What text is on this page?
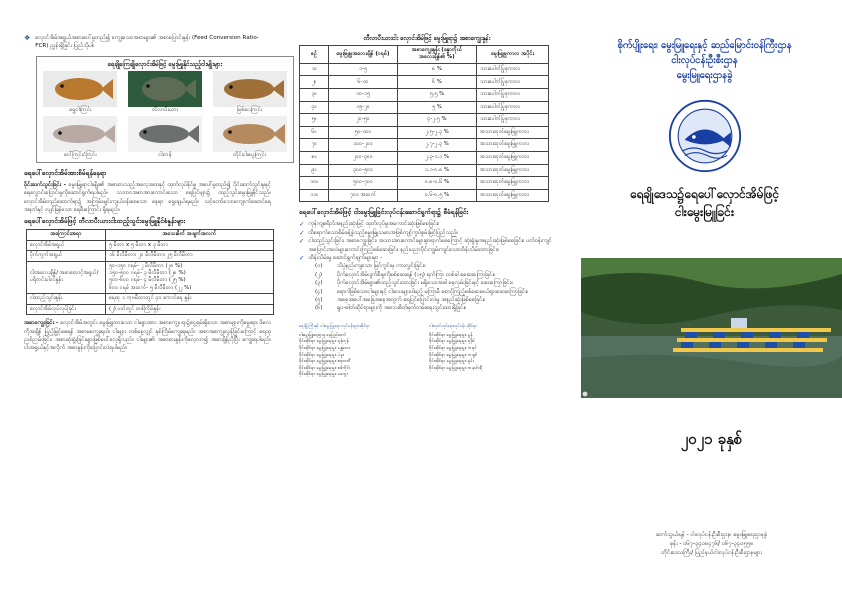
❖ လှောင်အိမ်အရွယ်အစားပေါ်မူတည်၍ ကျွေးသောအစာများ၏ အစာပြောင်းနှုန်း (Feed Conversion Ratio-FCR) ညွှန်းရှိခြင်း ပြည်သိုပါ။
ရေချိုကြေချိုလှောင်အိမ်ဖြင့် မွေးမြူနိုင်သည့်ငါးမျိုးများ
ရွှေငါးကြင်း	တီလာပီးယား	မြစ်ငေးကြင်း
ငေါ်ကြင်းငံကြင်း	ငါးကန်	တိုင်းငါးပွေးကြင်း
ရေပေါ်လှောင်အိမ်အားစိမ်ရန်နေရာ

ဝိုင်းဆက်သွင်းခြင်း - မွေးမြူရာငါးမျိုး၏ အစာစားသည့်အလေ့အထနှင့် ထုတ်လုပ်နိုင်မှု အပေါ်မူတည်၍ ဝိုင်းဆက်သွင်းမှုနှင့် ရေလွှောင်းပြောင်းမှုကိုဆောင်ရွက်ရပါမည်။ သဘာဝအစာအားကောင်းသော ရေပြင်များ၌ ထည့်သွင်းမွေးမြူနိုင်သည်။ လှောင်အိမ်တည်ဆောက်ရာ၌ အကြမ်းဖျင်းကျယ်ဝန်းစေသော နေရာ ရွေးချယ်ရမည်။ သင့်တော်သောကျောက်ဆောင်ရေအနက်နှင့် လျင်မြန်သော ရေစီးကြောင်း ရှိရမည်။

ရေပေါ်လှောင်အိမ်ဖြင့် တီလာပီးယားငါးထည့်သွင်းမွေးမြူနိုင်စံနှုန်းများ
အကြောင်းအရာ	အသေးစိတ် အချက်အလက်
လှောင်အိမ်အရွယ်	၅ မီတာ x ၅ မီတာ x ၃ မီတာ
ပိုက်ကွက်အရွယ်	၁၆ မီလီမီတာ၊ ၂၀ မီလီမီတာ၊ ၂၅ မီလီမီတာ
ငါးအလေးချိန်/ အစာတောင့်အရွယ်/ ပရိုတင်းပါဝင်နှုန်း	၅၀-၁၅၀ ဂရမ်- ၂ မီလီမီတာ (၂၈ %)
၁၅၀-၅၀၀ ဂရမ်- ၃ မီလီမီတာ (၂၈ %)
၅၀၀-၆၀၀ ဂရမ်- ၄ မီလီမီတာ (၂၅ %)
၆၀၀ ဂရမ် အထက်- ၅ မီလီမီတာ (၂၂ %)
ငါးထည့်သွင်းနှုန်း	ရေထု ၁ ကုဗမီတာတွင် ၄၀ ကောင်ရေ နှုန်း
လှောင်အိမ်လုပ်လုပ်ခြင်း	(၂) ပတ်တွင် တစ်ကြိမ်နှုန်း

အစာကျွေးခြင်း - လှောင်အိမ်အတွင်း မွေးမြူထားသော ငါးများအား အစာကျွေး ရာ၌ငွေ့ရမ်းရှိသော အစာများကိုမွေးရာ၊ ဖိလေကိုအချိန် ပြည့်မြှင့်စေရန် အစာမကျွေးရပါ။ ငါးများ တစ်နေ့လျှင် နှစ်ကြိမ်ကျွေးရမည်။ အစာအကျွေးလွန်ခြင်းကြောင့် ရေထုညစ်ညမ်းခြင်း၊ အစာဆုံးရှုံးခြင်းများဖြစ်ပေါ်လေ့ရှိသည်။ ငါးများ၏ အစာစားနှုန်းကိုလေ့လာ၍ အစာချိန်ညှိပြီး ကျွေးရပါမည်။ ငါးအရွယ်နှင့်အလိုက် အစာနှုန်းကိုပြောင်းလဲရပါမည်။

တီလာပီးယားငါး လှောင်အိမ်ဖြင့် မွေးမြူရာ၌ အစာကျွေးနှုန်း
စဉ်	မွေးမြူမှုအလေးချိန် (ဂရမ်)	အစာကျွေးနှုန်း (ခန္ဓာကိုယ်အလေးချိန်၏ %)	မွေးမြူမှုကာလ အပိုင်း
၁။	၁-၅	၈ %	သားပေါက်ပြုစုကာလ
၂။	၆-၁၀	၆ %	သားပေါက်ပြုစုကာလ
၃။	၁၀-၁၅	၅.၅ %	သားပေါက်ပြုစုကာလ
၄။	၁၅-၂၀	၅ %	သားပေါက်ပြုစုကာလ
၅။	၂၀-၅၀	၄-၂.၅ %	သားပေါက်ပြုစုကာလ
၆။	၅၀-၁၀၀	၂.၅-၂.၃ %	အသားထုတ်မွေးမြူကာလ
၇။	၁၀၀-၂၀၀	၂.၇-၂.၃ %	အသားထုတ်မွေးမြူကာလ
၈။	၂၀၀-၃၀၀	၂.၃-၁.၁ %	အသားထုတ်မွေးမြူကာလ
၉။	၃၀၀-၅၀၀	၁.၁-၀.၈ %	အသားထုတ်မွေးမြူကာလ
၁၀။	၅၀၀-၇၀၀	၀.၈-၀.၆ %	အသားထုတ်မွေးမြူကာလ
၁၁။	၇၀၀ အထက်	၀.၆-၀.၅ %	အသားထုတ်မွေးမြူကာလ
ရေပေါ်လှောင်အိမ်ဖြင့် ငါးမွေးမြူခြင်းလုပ်ငန်းဆောင်ရွက်ရာ၌ စီမံရန်ခြင်း
✓ ကုန်ကျစရိတ်အနည်းဆုံးဖြင့် ထုတ်လုပ်မှုအကောင်းဆုံးဖြစ်စေခြင်း။
✓ ထိရောက်သောစိမ်ခန့်ခွဲသည့်မွေးမြူသမားအဖြစ်ကျင့်ကွပ်စွမ်းမြင့်ပြည်သည်။
✓ ငါးထည့်သွင်းခြင်း၊ အစာကျွေးခြင်း၊ အသားအားကောင်းများစွာရာက်စေကြောင့် ဆုံးရှုံးမှုအနည်းဆုံးဖြစ်စေခြင်း။ ပတ်ဝန်းကျင်အပြောင်းအလဲများကောင်းကြည့်စစ်ဆေးခြင်း၊ နည်းပညာပိုင်းကျွမ်းကျင်သောထိန်းသိမ်းထားခြင်း။
✓ ထိန်းသိမ်းမှု ဆောင်ရွက်ချက်များမှာ -
(၁)	သိပ္ပံနည်းကျသော မြင်ကွင်းမှ ကားလွှင်းခြင်း။
(၂)	ပိုက်လှောင်အိမ်ပျက်စီးမှုကိုစစ်ဆေးရန် (၁၅) ရက်ကြာ တစ်ခါ စဆေးကြောခြင်း။
(၃)	ပိုက်လှောင်အိမ်များ၏ထည့်သွင်းထားခြင်း မရှိသောအခါ နေလှမ်းခြင်းနှင့် ဆေးကြောခြင်း။
(၄)	ရောဂါဖြစ်သောငါးများနှင့် ငါးသေများပါမည့် မကြာမီ စောင့်ကြည့်စစ်ဆေးဖယ်ရှားဆေးကြောခြင်း။
(၅)	အစေ့အပေါ်အခြေအနေအတွက် ရေပြင်ပြောင်းလဲမှု အနည်ဆုံးဖြစ်စေခြင်း။
(၆)	ရှုပ-ဓါတ်ဆိုင်ရာများကို အသေးစိတ်မှတ်တမ်းရေးသွင်းထားရှိခြင်း။
ရေချို ကြီးနှင့် ငါးမွေးမြူရေး လုပ်ငန်းများဆိုင်ရာ
ငါးမွေးမြူရေးဌာန နေပြည်တော်
ဝိုင်းဆိုင်ရာ မွေးမြူရေးမှူး၊ ရန်ကုန်
ဝိုင်းဆိုင်ရာ မွေးမြူရေးမှူး၊ မန္တလေး
ဝိုင်းဆိုင်ရာ မွေးမြူရေးမှူး၊ ပဲခူး
ဝိုင်းဆိုင်ရာ မွေးမြူရေးမှူး၊ ဧရာဝတီ
ဝိုင်းဆိုင်ရာ မွေးမြူရေးမှူး၊ စစ်ကိုင်း
ဝိုင်းဆိုင်ရာ မွေးမြူရေးမှူး၊ မကွေး
ငါးထုတ်လုပ်ရေးလုပ်ငန်း ဆိုင်ရာ
ဝိုင်းဆိုင်ရာ မွေးမြူရေးမှူး၊ မွန်
ဝိုင်းဆိုင်ရာ မွေးမြူရေးမှူး၊ ရခိုင်
ဝိုင်းဆိုင်ရာ မွေးမြူရေးမှူး၊ ကရင်
ဝိုင်းဆိုင်ရာ မွေးမြူရေးမှူး၊ ကချင်
ဝိုင်းဆိုင်ရာ မွေးမြူရေးမှူး၊ ရှမ်း
ဝိုင်းဆိုင်ရာ မွေးမြူရေးမှူး၊ တနင်္သာရီ

စိုက်ပျိုးရေး၊ မွေးမြူရေးနှင့် ဆည်မြောင်းဝန်ကြီးဌာန

ငါးလုပ်ငန်းဦးစီးဌာန

မွေးမြူရေးဌာနခွဲ

ရေချိုဒေသ၌ရေပေါ်လှောင်အိမ်ဖြင့်

ငါးမွေးမြူခြင်း

၂၀၂၁ ခုနှစ်
ဆက်သွယ်ရန် - ငါးလုပ်ငန်းဦးစီးဌာန၊ မွေးမြူရေးဌာနခွဲ
ဖုန်း - ၀၆၇-၃၄၀၈၄၇၆/ ၀၆၇-၃၄၀၅၅၈
တိုင်းဒေသကြီး/ ပြည်နယ်ငါးလုပ်ငန်းဦးစီးဌာနများ
